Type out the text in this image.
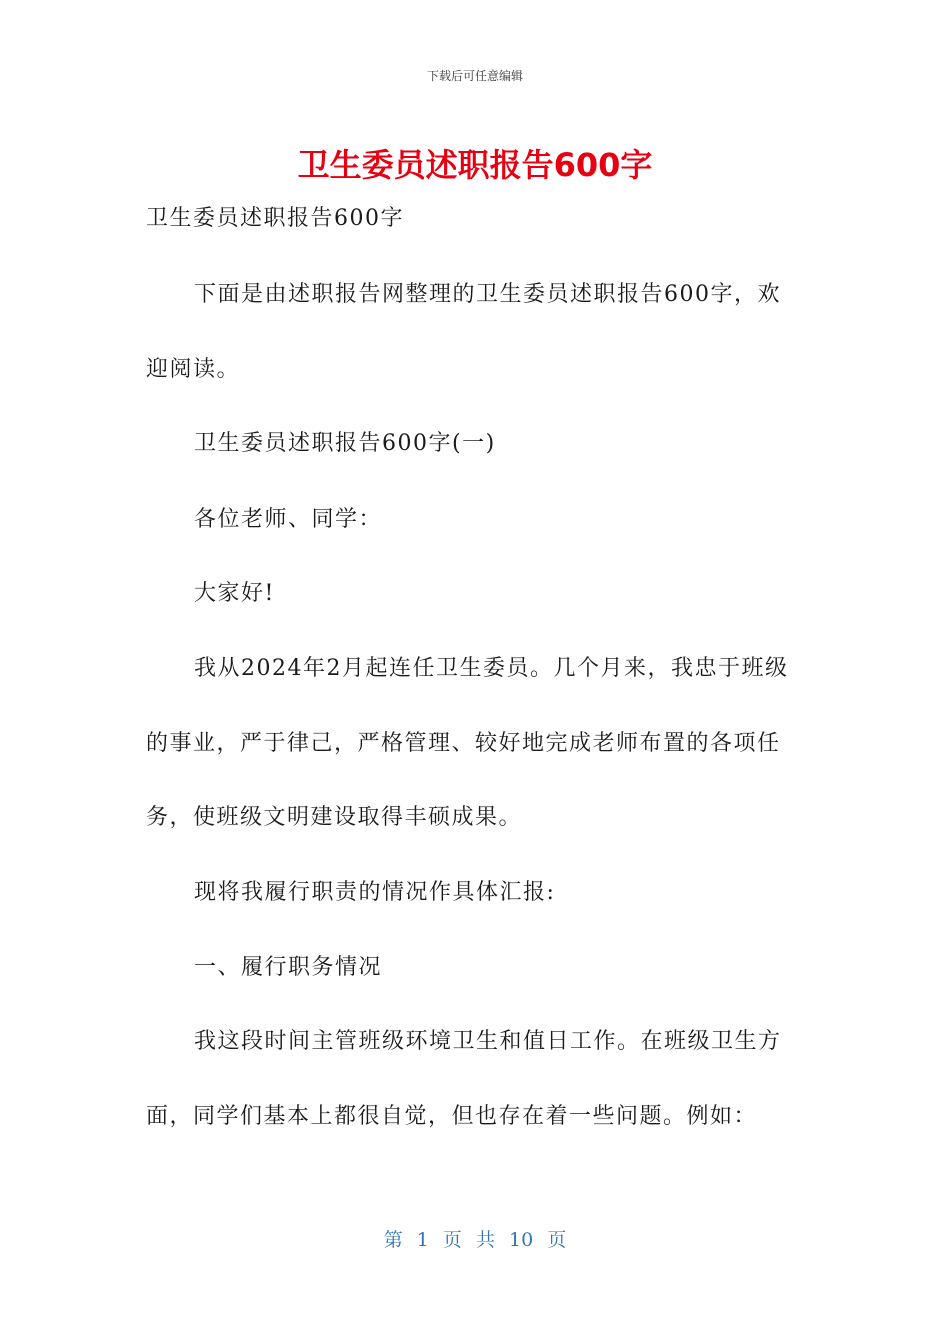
下载后可任意编辑
卫生委员述职报告600字
卫生委员述职报告600字
下面是由述职报告网整理的卫生委员述职报告600字，欢
迎阅读。
卫生委员述职报告600字(一)
各位老师、同学：
大家好!
我从2024年2月起连任卫生委员。几个月来，我忠于班级
的事业，严于律己，严格管理、较好地完成老师布置的各项任
务，使班级文明建设取得丰硕成果。
现将我履行职责的情况作具体汇报:
一、履行职务情况
我这段时间主管班级环境卫生和值日工作。在班级卫生方
面，同学们基本上都很自觉，但也存在着一些问题。例如：
第 1 页 共 10 页
